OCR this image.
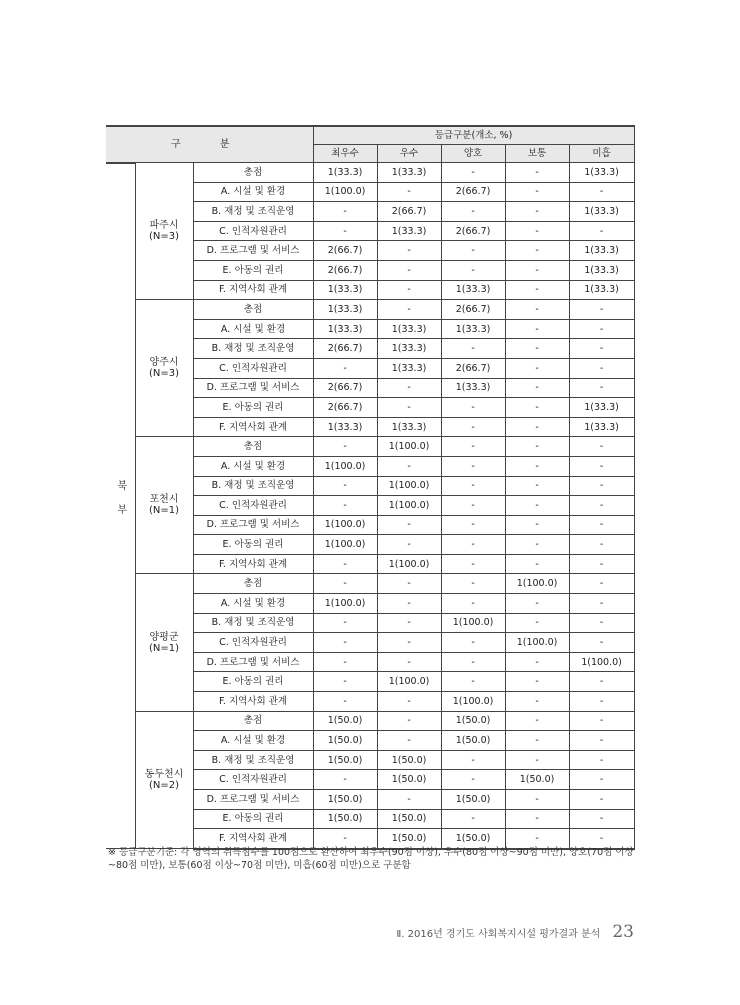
구 분			등급구분(개소, %)				
			최우수	우수	양호	보통	미흡
북부	파주시
(N=3)	총점	1(33.3)	1(33.3)	-	-	1(33.3)
		A. 시설 및 환경	1(100.0)	-	2(66.7)	-	-
		B. 재정 및 조직운영	-	2(66.7)	-	-	1(33.3)
		C. 인적자원관리	-	1(33.3)	2(66.7)	-	-
		D. 프로그램 및 서비스	2(66.7)	-	-	-	1(33.3)
		E. 아동의 권리	2(66.7)	-	-	-	1(33.3)
		F. 지역사회 관계	1(33.3)	-	1(33.3)	-	1(33.3)

	양주시
(N=3)	총점	1(33.3)	-	2(66.7)	-	-
		A. 시설 및 환경	1(33.3)	1(33.3)	1(33.3)	-	-
		B. 재정 및 조직운영	2(66.7)	1(33.3)	-	-	-
		C. 인적자원관리	-	1(33.3)	2(66.7)	-	-
		D. 프로그램 및 서비스	2(66.7)	-	1(33.3)	-	-
		E. 아동의 권리	2(66.7)	-	-	-	1(33.3)
		F. 지역사회 관계	1(33.3)	1(33.3)	-	-	1(33.3)

	포천시
(N=1)	총점	-	1(100.0)	-	-	-
		A. 시설 및 환경	1(100.0)	-	-	-	-
		B. 재정 및 조직운영	-	1(100.0)	-	-	-
		C. 인적자원관리	-	1(100.0)	-	-	-
		D. 프로그램 및 서비스	1(100.0)	-	-	-	-
		E. 아동의 권리	1(100.0)	-	-	-	-
		F. 지역사회 관계	-	1(100.0)	-	-	-

	양평군
(N=1)	총점	-	-	-	1(100.0)	-
		A. 시설 및 환경	1(100.0)	-	-	-	-
		B. 재정 및 조직운영	-	-	1(100.0)	-	-
		C. 인적자원관리	-	-	-	1(100.0)	-
		D. 프로그램 및 서비스	-	-	-	-	1(100.0)
		E. 아동의 권리	-	1(100.0)	-	-	-
		F. 지역사회 관계	-	-	1(100.0)	-	-

	동두천시
(N=2)	총점	1(50.0)	-	1(50.0)	-	-
		A. 시설 및 환경	1(50.0)	-	1(50.0)	-	-
		B. 재정 및 조직운영	1(50.0)	1(50.0)	-	-	-
		C. 인적자원관리	-	1(50.0)	-	1(50.0)	-
		D. 프로그램 및 서비스	1(50.0)	-	1(50.0)	-	-
		E. 아동의 권리	1(50.0)	1(50.0)	-	-	-
		F. 지역사회 관계	-	1(50.0)	1(50.0)	-	-

※ 등급구분기준: 각 영역의 취득점수를 100점으로 환산하여 최우수(90점 이상), 우수(80점 이상~90점 미만), 양호(70점 이상~80점 미만), 보통(60점 이상~70점 미만), 미흡(60점 미만)으로 구분함

Ⅱ. 2016년 경기도 사회복지시설 평가결과 분석 23
